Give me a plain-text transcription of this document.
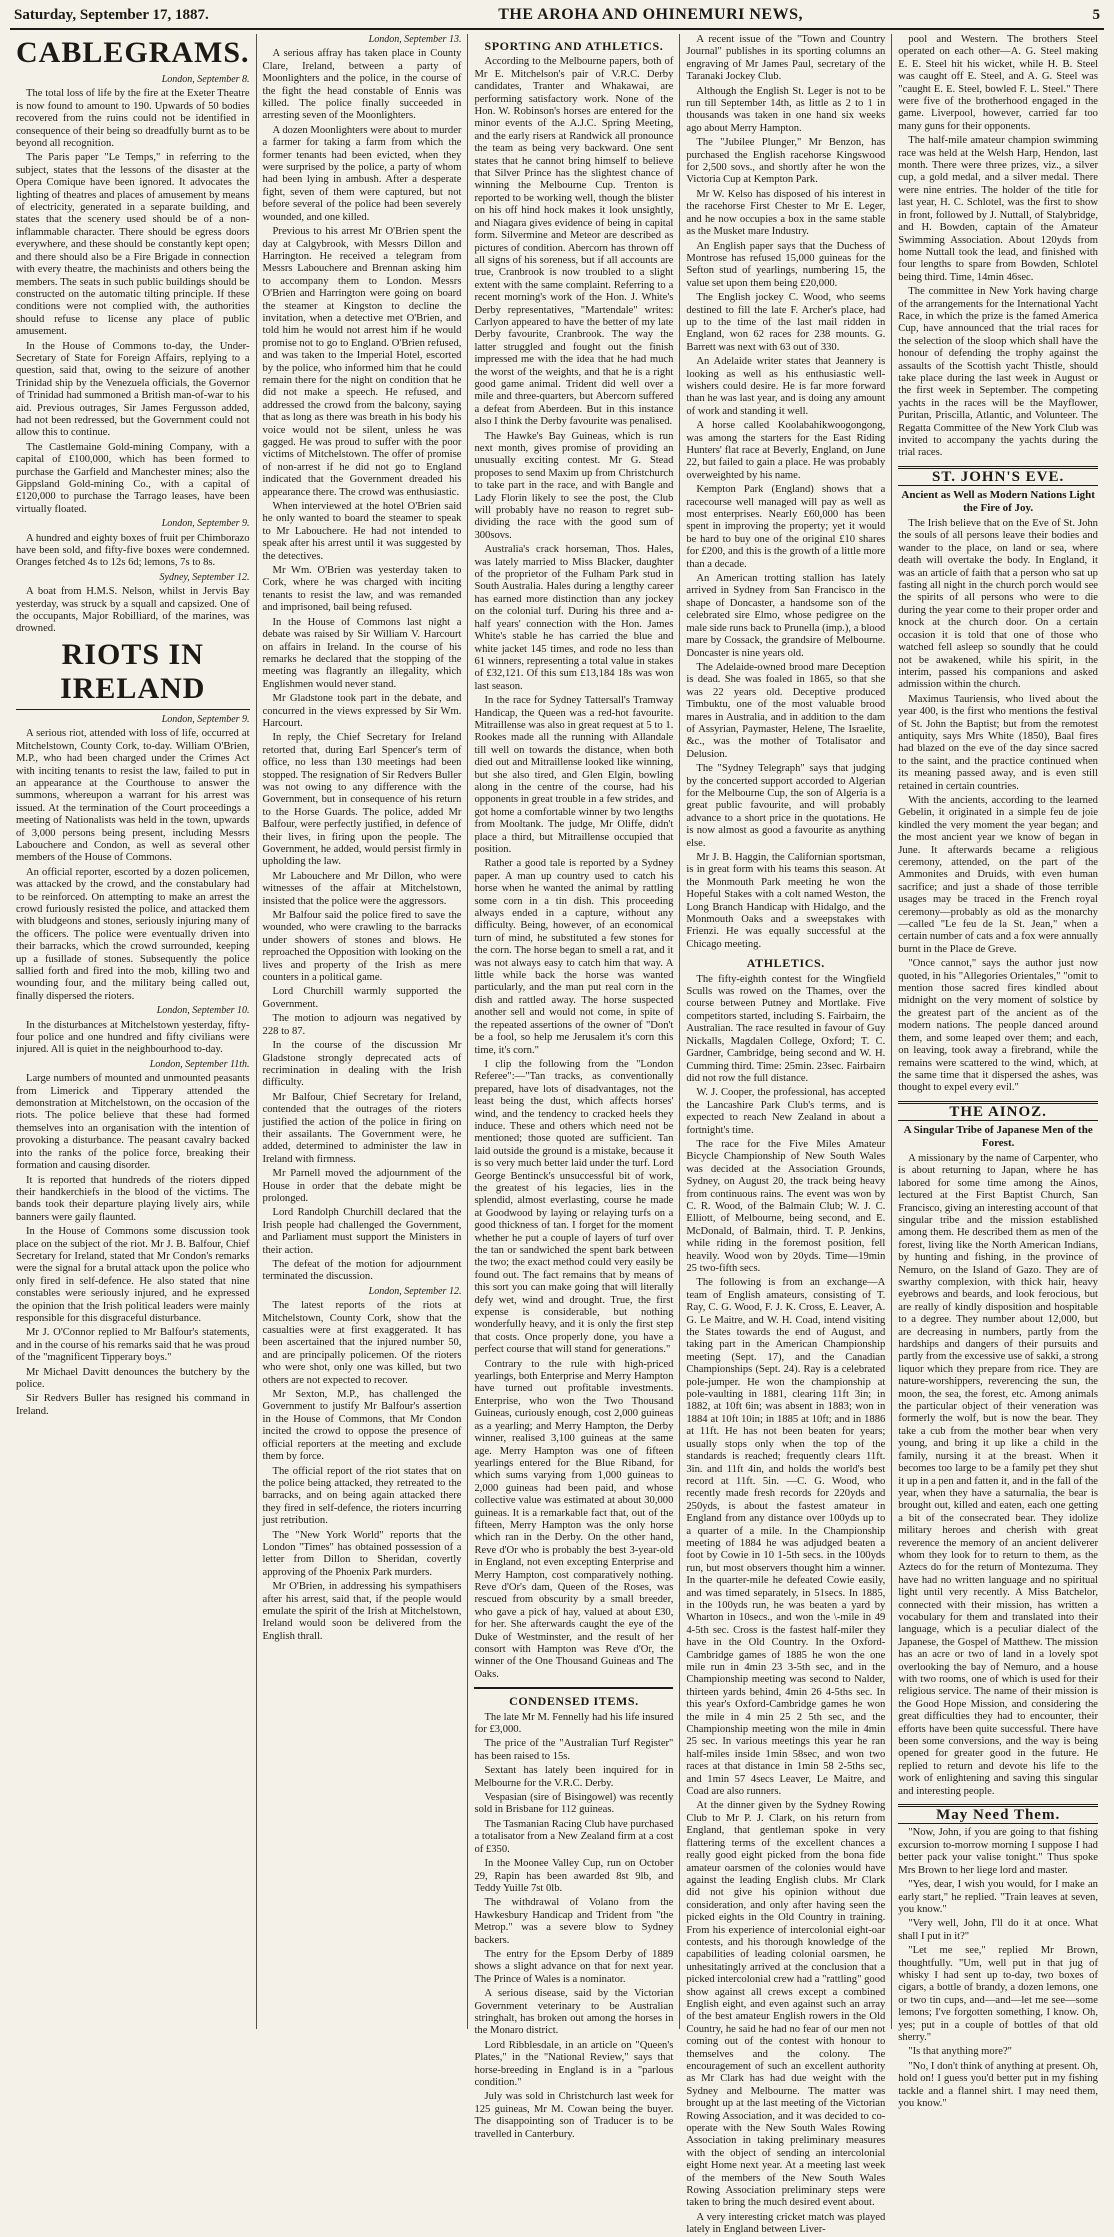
Saturday, September 17, 1887.	THE AROHA AND OHINEMURI NEWS,	5
CABLEGRAMS.

London, September 8.

The total loss of life by the fire at the Exeter Theatre is now found to amount to 190. Upwards of 50 bodies recovered from the ruins could not be identified in consequence of their being so dreadfully burnt as to be beyond all recognition.

The Paris paper "Le Temps," in referring to the subject, states that the lessons of the disaster at the Opera Comique have been ignored. It advocates the lighting of theatres and places of amusement by means of electricity, generated in a separate building, and states that the scenery used should be of a non-inflammable character. There should be egress doors everywhere, and these should be constantly kept open; and there should also be a Fire Brigade in connection with every theatre, the machinists and others being the members. The seats in such public buildings should be constructed on the automatic tilting principle. If these conditions were not complied with, the authorities should refuse to license any place of public amusement.

In the House of Commons to-day, the Under-Secretary of State for Foreign Affairs, replying to a question, said that, owing to the seizure of another Trinidad ship by the Venezuela officials, the Governor of Trinidad had summoned a British man-of-war to his aid. Previous outrages, Sir James Fergusson added, had not been redressed, but the Government could not allow this to continue.

The Castlemaine Gold-mining Company, with a capital of £100,000, which has been formed to purchase the Garfield and Manchester mines; also the Gippsland Gold-mining Co., with a capital of £120,000 to purchase the Tarrago leases, have been virtually floated.

London, September 9.

A hundred and eighty boxes of fruit per Chimborazo have been sold, and fifty-five boxes were condemned. Oranges fetched 4s to 12s 6d; lemons, 7s to 8s.

Sydney, September 12.

A boat from H.M.S. Nelson, whilst in Jervis Bay yesterday, was struck by a squall and capsized. One of the occupants, Major Robilliard, of the marines, was drowned.

RIOTS IN IRELAND

London, September 9.

A serious riot, attended with loss of life, occurred at Mitchelstown, County Cork, to-day. William O'Brien, M.P., who had been charged under the Crimes Act with inciting tenants to resist the law, failed to put in an appearance at the Courthouse to answer the summons, whereupon a warrant for his arrest was issued. At the termination of the Court proceedings a meeting of Nationalists was held in the town, upwards of 3,000 persons being present, including Messrs Labouchere and Condon, as well as several other members of the House of Commons.

An official reporter, escorted by a dozen policemen, was attacked by the crowd, and the constabulary had to be reinforced. On attempting to make an arrest the crowd furiously resisted the police, and attacked them with bludgeons and stones, seriously injuring many of the officers. The police were eventually driven into their barracks, which the crowd surrounded, keeping up a fusillade of stones. Subsequently the police sallied forth and fired into the mob, killing two and wounding four, and the military being called out, finally dispersed the rioters.

London, September 10.

In the disturbances at Mitchelstown yesterday, fifty-four police and one hundred and fifty civilians were injured. All is quiet in the neighbourhood to-day.

London, September 11th.

Large numbers of mounted and unmounted peasants from Limerick and Tipperary attended the demonstration at Mitchelstown, on the occasion of the riots. The police believe that these had formed themselves into an organisation with the intention of provoking a disturbance. The peasant cavalry backed into the ranks of the police force, breaking their formation and causing disorder.

It is reported that hundreds of the rioters dipped their handkerchiefs in the blood of the victims. The bands took their departure playing lively airs, while banners were gaily flaunted.

In the House of Commons some discussion took place on the subject of the riot. Mr J. B. Balfour, Chief Secretary for Ireland, stated that Mr Condon's remarks were the signal for a brutal attack upon the police who only fired in self-defence. He also stated that nine constables were seriously injured, and he expressed the opinion that the Irish political leaders were mainly responsible for this disgraceful disturbance.

Mr J. O'Connor replied to Mr Balfour's statements, and in the course of his remarks said that he was proud of the "magnificent Tipperary boys."

Mr Michael Davitt denounces the butchery by the police.

Sir Redvers Buller has resigned his command in Ireland.

London, September 13.

A serious affray has taken place in County Clare, Ireland, between a party of Moonlighters and the police, in the course of the fight the head constable of Ennis was killed. The police finally succeeded in arresting seven of the Moonlighters.

A dozen Moonlighters were about to murder a farmer for taking a farm from which the former tenants had been evicted, when they were surprised by the police, a party of whom had been lying in ambush. After a desperate fight, seven of them were captured, but not before several of the police had been severely wounded, and one killed.

Previous to his arrest Mr O'Brien spent the day at Calgybrook, with Messrs Dillon and Harrington. He received a telegram from Messrs Labouchere and Brennan asking him to accompany them to London. Messrs O'Brien and Harrington were going on board the steamer at Kingston to decline the invitation, when a detective met O'Brien, and told him he would not arrest him if he would promise not to go to England. O'Brien refused, and was taken to the Imperial Hotel, escorted by the police, who informed him that he could remain there for the night on condition that he did not make a speech. He refused, and addressed the crowd from the balcony, saying that as long as there was breath in his body his voice would not be silent, unless he was gagged. He was proud to suffer with the poor victims of Mitchelstown. The offer of promise of non-arrest if he did not go to England indicated that the Government dreaded his appearance there. The crowd was enthusiastic.

When interviewed at the hotel O'Brien said he only wanted to board the steamer to speak to Mr Labouchere. He had not intended to speak after his arrest until it was suggested by the detectives.

Mr Wm. O'Brien was yesterday taken to Cork, where he was charged with inciting tenants to resist the law, and was remanded and imprisoned, bail being refused.

In the House of Commons last night a debate was raised by Sir William V. Harcourt on affairs in Ireland. In the course of his remarks he declared that the stopping of the meeting was flagrantly an illegality, which Englishmen would never stand.

Mr Gladstone took part in the debate, and concurred in the views expressed by Sir Wm. Harcourt.

In reply, the Chief Secretary for Ireland retorted that, during Earl Spencer's term of office, no less than 130 meetings had been stopped. The resignation of Sir Redvers Buller was not owing to any difference with the Government, but in consequence of his return to the Horse Guards. The police, added Mr Balfour, were perfectly justified, in defence of their lives, in firing upon the people. The Government, he added, would persist firmly in upholding the law.

Mr Labouchere and Mr Dillon, who were witnesses of the affair at Mitchelstown, insisted that the police were the aggressors.

Mr Balfour said the police fired to save the wounded, who were crawling to the barracks under showers of stones and blows. He reproached the Opposition with looking on the lives and property of the Irish as mere counters in a political game.

Lord Churchill warmly supported the Government.

The motion to adjourn was negatived by 228 to 87.

In the course of the discussion Mr Gladstone strongly deprecated acts of recrimination in dealing with the Irish difficulty.

Mr Balfour, Chief Secretary for Ireland, contended that the outrages of the rioters justified the action of the police in firing on their assailants. The Government were, he added, determined to administer the law in Ireland with firmness.

Mr Parnell moved the adjournment of the House in order that the debate might be prolonged.

Lord Randolph Churchill declared that the Irish people had challenged the Government, and Parliament must support the Ministers in their action.

The defeat of the motion for adjournment terminated the discussion.

London, September 12.

The latest reports of the riots at Mitchelstown, County Cork, show that the casualties were at first exaggerated. It has been ascertained that the injured number 50, and are principally policemen. Of the rioters who were shot, only one was killed, but two others are not expected to recover.

Mr Sexton, M.P., has challenged the Government to justify Mr Balfour's assertion in the House of Commons, that Mr Condon incited the crowd to oppose the presence of official reporters at the meeting and exclude them by force.

The official report of the riot states that on the police being attacked, they retreated to the barracks, and on being again attacked there they fired in self-defence, the rioters incurring just retribution.

The "New York World" reports that the London "Times" has obtained possession of a letter from Dillon to Sheridan, covertly approving of the Phoenix Park murders.

Mr O'Brien, in addressing his sympathisers after his arrest, said that, if the people would emulate the spirit of the Irish at Mitchelstown, Ireland would soon be delivered from the English thrall.

SPORTING AND ATHLETICS.

According to the Melbourne papers, both of Mr E. Mitchelson's pair of V.R.C. Derby candidates, Tranter and Whakawai, are performing satisfactory work. None of the Hon. W. Robinson's horses are entered for the minor events of the A.J.C. Spring Meeting, and the early risers at Randwick all pronounce the team as being very backward. One sent states that he cannot bring himself to believe that Silver Prince has the slightest chance of winning the Melbourne Cup. Trenton is reported to be working well, though the blister on his off hind hock makes it look unsightly, and Niagara gives evidence of being in capital form. Silvermine and Meteor are described as pictures of condition. Abercorn has thrown off all signs of his soreness, but if all accounts are true, Cranbrook is now troubled to a slight extent with the same complaint. Referring to a recent morning's work of the Hon. J. White's Derby representatives, "Martendale" writes: Carlyon appeared to have the better of my late Derby favourite, Cranbrook. The way the latter struggled and fought out the finish impressed me with the idea that he had much the worst of the weights, and that he is a right good game animal. Trident did well over a mile and three-quarters, but Abercorn suffered a defeat from Aberdeen. But in this instance also I think the Derby favourite was penalised.

The Hawke's Bay Guineas, which is run next month, gives promise of providing an unusually exciting contest. Mr G. Stead proposes to send Maxim up from Christchurch to take part in the race, and with Bangle and Lady Florin likely to see the post, the Club will probably have no reason to regret sub-dividing the race with the good sum of 300sovs.

Australia's crack horseman, Thos. Hales, was lately married to Miss Blacker, daughter of the proprietor of the Fulham Park stud in South Australia. Hales during a lengthy career has earned more distinction than any jockey on the colonial turf. During his three and a-half years' connection with the Hon. James White's stable he has carried the blue and white jacket 145 times, and rode no less than 61 winners, representing a total value in stakes of £32,121. Of this sum £13,184 18s was won last season.

In the race for Sydney Tattersall's Tramway Handicap, the Queen was a red-hot favourite. Mitraillense was also in great request at 5 to 1. Rookes made all the running with Allandale till well on towards the distance, when both died out and Mitraillense looked like winning, but she also tired, and Glen Elgin, bowling along in the centre of the course, had his opponents in great trouble in a few strides, and got home a comfortable winner by two lengths from Mooltank. The judge, Mr Oliffe, didn't place a third, but Mitraillense occupied that position.

Rather a good tale is reported by a Sydney paper. A man up country used to catch his horse when he wanted the animal by rattling some corn in a tin dish. This proceeding always ended in a capture, without any difficulty. Being, however, of an economical turn of mind, he substituted a few stones for the corn. The horse began to smell a rat, and it was not always easy to catch him that way. A little while back the horse was wanted particularly, and the man put real corn in the dish and rattled away. The horse suspected another sell and would not come, in spite of the repeated assertions of the owner of "Don't be a fool, so help me Jerusalem it's corn this time, it's corn."

I clip the following from the "London Referee":—"Tan tracks, as conventionally prepared, have lots of disadvantages, not the least being the dust, which affects horses' wind, and the tendency to cracked heels they induce. These and others which need not be mentioned; those quoted are sufficient. Tan laid outside the ground is a mistake, because it is so very much better laid under the turf. Lord George Bentinck's unsuccessful bit of work, the greatest of his legacies, lies in the splendid, almost everlasting, course he made at Goodwood by laying or relaying turfs on a good thickness of tan. I forget for the moment whether he put a couple of layers of turf over the tan or sandwiched the spent bark between the two; the exact method could very easily be found out. The fact remains that by means of this sort you can make going that will literally defy wet, wind and drought. True, the first expense is considerable, but nothing wonderfully heavy, and it is only the first step that costs. Once properly done, you have a perfect course that will stand for generations."

Contrary to the rule with high-priced yearlings, both Enterprise and Merry Hampton have turned out profitable investments. Enterprise, who won the Two Thousand Guineas, curiously enough, cost 2,000 guineas as a yearling; and Merry Hampton, the Derby winner, realised 3,100 guineas at the same age. Merry Hampton was one of fifteen yearlings entered for the Blue Riband, for which sums varying from 1,000 guineas to 2,000 guineas had been paid, and whose collective value was estimated at about 30,000 guineas. It is a remarkable fact that, out of the fifteen, Merry Hampton was the only horse which ran in the Derby. On the other hand, Reve d'Or who is probably the best 3-year-old in England, not even excepting Enterprise and Merry Hampton, cost comparatively nothing. Reve d'Or's dam, Queen of the Roses, was rescued from obscurity by a small breeder, who gave a pick of hay, valued at about £30, for her. She afterwards caught the eye of the Duke of Westminster, and the result of her consort with Hampton was Reve d'Or, the winner of the One Thousand Guineas and The Oaks.

CONDENSED ITEMS.

The late Mr M. Fennelly had his life insured for £3,000.

The price of the "Australian Turf Register" has been raised to 15s.

Sextant has lately been inquired for in Melbourne for the V.R.C. Derby.

Vespasian (sire of Bisingowel) was recently sold in Brisbane for 112 guineas.

The Tasmanian Racing Club have purchased a totalisator from a New Zealand firm at a cost of £350.

In the Moonee Valley Cup, run on October 29, Rapin has been awarded 8st 9lb, and Teddy Yuille 7st 0lb.

The withdrawal of Volano from the Hawkesbury Handicap and Trident from "the Metrop." was a severe blow to Sydney backers.

The entry for the Epsom Derby of 1889 shows a slight advance on that for next year. The Prince of Wales is a nominator.

A serious disease, said by the Victorian Government veterinary to be Australian stringhalt, has broken out among the horses in the Monaro district.

Lord Ribblesdale, in an article on "Queen's Plates," in the "National Review," says that horse-breeding in England is in a "parlous condition."

July was sold in Christchurch last week for 125 guineas, Mr M. Cowan being the buyer. The disappointing son of Traducer is to be travelled in Canterbury.

A recent issue of the "Town and Country Journal" publishes in its sporting columns an engraving of Mr James Paul, secretary of the Taranaki Jockey Club.

Although the English St. Leger is not to be run till September 14th, as little as 2 to 1 in thousands was taken in one hand six weeks ago about Merry Hampton.

The "Jubilee Plunger," Mr Benzon, has purchased the English racehorse Kingswood for 2,500 sovs., and shortly after he won the Victoria Cup at Kempton Park.

Mr W. Kelso has disposed of his interest in the racehorse First Chester to Mr E. Leger, and he now occupies a box in the same stable as the Musket mare Industry.

An English paper says that the Duchess of Montrose has refused 15,000 guineas for the Sefton stud of yearlings, numbering 15, the value set upon them being £20,000.

The English jockey C. Wood, who seems destined to fill the late F. Archer's place, had up to the time of the last mail ridden in England, won 62 races for 238 mounts. G. Barrett was next with 63 out of 330.

An Adelaide writer states that Jeannery is looking as well as his enthusiastic well-wishers could desire. He is far more forward than he was last year, and is doing any amount of work and standing it well.

A horse called Koolabahikwoogongong, was among the starters for the East Riding Hunters' flat race at Beverly, England, on June 22, but failed to gain a place. He was probably overweighted by his name.

Kempton Park (England) shows that a racecourse well managed will pay as well as most enterprises. Nearly £60,000 has been spent in improving the property; yet it would be hard to buy one of the original £10 shares for £200, and this is the growth of a little more than a decade.

An American trotting stallion has lately arrived in Sydney from San Francisco in the shape of Doncaster, a handsome son of the celebrated sire Elmo, whose pedigree on the male side runs back to Prunella (imp.), a blood mare by Cossack, the grandsire of Melbourne. Doncaster is nine years old.

The Adelaide-owned brood mare Deception is dead. She was foaled in 1865, so that she was 22 years old. Deceptive produced Timbuktu, one of the most valuable brood mares in Australia, and in addition to the dam of Assyrian, Paymaster, Helene, The Israelite, &c., was the mother of Totalisator and Delusion.

The "Sydney Telegraph" says that judging by the concerted support accorded to Algerian for the Melbourne Cup, the son of Algeria is a great public favourite, and will probably advance to a short price in the quotations. He is now almost as good a favourite as anything else.

Mr J. B. Haggin, the Californian sportsman, is in great form with his teams this season. At the Monmouth Park meeting he won the Hopeful Stakes with a colt named Weston, the Long Branch Handicap with Hidalgo, and the Monmouth Oaks and a sweepstakes with Frienzi. He was equally successful at the Chicago meeting.

ATHLETICS.

The fifty-eighth contest for the Wingfield Sculls was rowed on the Thames, over the course between Putney and Mortlake. Five competitors started, including S. Fairbairn, the Australian. The race resulted in favour of Guy Nickalls, Magdalen College, Oxford; T. C. Gardner, Cambridge, being second and W. H. Cumming third. Time: 25min. 23sec. Fairbairn did not row the full distance.

W. J. Cooper, the professional, has accepted the Lancashire Park Club's terms, and is expected to reach New Zealand in about a fortnight's time.

The race for the Five Miles Amateur Bicycle Championship of New South Wales was decided at the Association Grounds, Sydney, on August 20, the track being heavy from continuous rains. The event was won by C. R. Wood, of the Balmain Club; W. J. C. Elliott, of Melbourne, being second, and E. McDonald, of Balmain, third. T. P. Jenkins, while riding in the foremost position, fell heavily. Wood won by 20yds. Time—19min 25 two-fifth secs.

The following is from an exchange—A team of English amateurs, consisting of T. Ray, C. G. Wood, F. J. K. Cross, E. Leaver, A. G. Le Maitre, and W. H. Coad, intend visiting the States towards the end of August, and taking part in the American Championship meeting (Sept. 17), and the Canadian Championships (Sept. 24). Ray is a celebrated pole-jumper. He won the championship at pole-vaulting in 1881, clearing 11ft 3in; in 1882, at 10ft 6in; was absent in 1883; won in 1884 at 10ft 10in; in 1885 at 10ft; and in 1886 at 11ft. He has not been beaten for years; usually stops only when the top of the standards is reached; frequently clears 11ft. 3in. and 11ft 4in, and holds the world's best record at 11ft. 5in. —C. G. Wood, who recently made fresh records for 220yds and 250yds, is about the fastest amateur in England from any distance over 100yds up to a quarter of a mile. In the Championship meeting of 1884 he was adjudged beaten a foot by Cowie in 10 1-5th secs. in the 100yds run, but most observers thought him a winner. In the quarter-mile he defeated Cowie easily, and was timed separately, in 51secs. In 1885, in the 100yds run, he was beaten a yard by Wharton in 10secs., and won the \-mile in 49 4-5th sec. Cross is the fastest half-miler they have in the Old Country. In the Oxford-Cambridge games of 1885 he won the one mile run in 4min 23 3-5th sec, and in the Championship meeting was second to Nalder, thirteen yards behind, 4min 26 4-5ths sec. In this year's Oxford-Cambridge games he won the mile in 4 min 25 2 5th sec, and the Championship meeting won the mile in 4min 25 sec. In various meetings this year he ran half-miles inside 1min 58sec, and won two races at that distance in 1min 58 2-5ths sec, and 1min 57 4secs Leaver, Le Maitre, and Coad are also runners.

At the dinner given by the Sydney Rowing Club to Mr P. J. Clark, on his return from England, that gentleman spoke in very flattering terms of the excellent chances a really good eight picked from the bona fide amateur oarsmen of the colonies would have against the leading English clubs. Mr Clark did not give his opinion without due consideration, and only after having seen the picked eights in the Old Country in training. From his experience of intercolonial eight-oar contests, and his thorough knowledge of the capabilities of leading colonial oarsmen, he unhesitatingly arrived at the conclusion that a picked intercolonial crew had a "rattling" good show against all crews except a combined English eight, and even against such an array of the best amateur English rowers in the Old Country, he said he had no fear of our men not coming out of the contest with honour to themselves and the colony. The encouragement of such an excellent authority as Mr Clark has had due weight with the Sydney and Melbourne. The matter was brought up at the last meeting of the Victorian Rowing Association, and it was decided to co-operate with the New South Wales Rowing Association in taking preliminary measures with the object of sending an intercolonial eight Home next year. At a meeting last week of the members of the New South Wales Rowing Association preliminary steps were taken to bring the much desired event about.

A very interesting cricket match was played lately in England between Liver-

pool and Western. The brothers Steel operated on each other—A. G. Steel making E. E. Steel hit his wicket, while H. B. Steel was caught off E. Steel, and A. G. Steel was "caught E. E. Steel, bowled F. L. Steel." There were five of the brotherhood engaged in the game. Liverpool, however, carried far too many guns for their opponents.

The half-mile amateur champion swimming race was held at the Welsh Harp, Hendon, last month. There were three prizes, viz., a silver cup, a gold medal, and a silver medal. There were nine entries. The holder of the title for last year, H. C. Schlotel, was the first to show in front, followed by J. Nuttall, of Stalybridge, and H. Bowden, captain of the Amateur Swimming Association. About 120yds from home Nuttall took the lead, and finished with four lengths to spare from Bowden, Schlotel being third. Time, 14min 46sec.

The committee in New York having charge of the arrangements for the International Yacht Race, in which the prize is the famed America Cup, have announced that the trial races for the selection of the sloop which shall have the honour of defending the trophy against the assaults of the Scottish yacht Thistle, should take place during the last week in August or the first week in September. The competing yachts in the races will be the Mayflower, Puritan, Priscilla, Atlantic, and Volunteer. The Regatta Committee of the New York Club was invited to accompany the yachts during the trial races.

ST. JOHN'S EVE.
Ancient as Well as Modern Nations Light the Fire of Joy.

The Irish believe that on the Eve of St. John the souls of all persons leave their bodies and wander to the place, on land or sea, where death will overtake the body. In England, it was an article of faith that a person who sat up fasting all night in the church porch would see the spirits of all persons who were to die during the year come to their proper order and knock at the church door. On a certain occasion it is told that one of those who watched fell asleep so soundly that he could not be awakened, while his spirit, in the interim, passed his companions and asked admission within the church.

Maximus Tauriensis, who lived about the year 400, is the first who mentions the festival of St. John the Baptist; but from the remotest antiquity, says Mrs White (1850), Baal fires had blazed on the eve of the day since sacred to the saint, and the practice continued when its meaning passed away, and is even still retained in certain countries.

With the ancients, according to the learned Gebelin, it originated in a simple feu de joie kindled the very moment the year began; and the most ancient year we know of began in June. It afterwards became a religious ceremony, attended, on the part of the Ammonites and Druids, with even human sacrifice; and just a shade of those terrible usages may be traced in the French royal ceremony—probably as old as the monarchy—called "Le feu de la St. Jean," when a certain number of cats and a fox were annually burnt in the Place de Greve.

"Once cannot," says the author just now quoted, in his "Allegories Orientales," "omit to mention those sacred fires kindled about midnight on the very moment of solstice by the greatest part of the ancient as of the modern nations. The people danced around them, and some leaped over them; and each, on leaving, took away a firebrand, while the remains were scattered to the wind, which, at the same time that it dispersed the ashes, was thought to expel every evil."

THE AINOZ.
A Singular Tribe of Japanese Men of the Forest.

A missionary by the name of Carpenter, who is about returning to Japan, where he has labored for some time among the Ainos, lectured at the First Baptist Church, San Francisco, giving an interesting account of that singular tribe and the mission established among them. He described them as men of the forest, living like the North American Indians, by hunting and fishing, in the province of Nemuro, on the Island of Gazo. They are of swarthy complexion, with thick hair, heavy eyebrows and beards, and look ferocious, but are really of kindly disposition and hospitable to a degree. They number about 12,000, but are decreasing in numbers, partly from the hardships and dangers of their pursuits and partly from the excessive use of sakki, a strong liquor which they prepare from rice. They are nature-worshippers, reverencing the sun, the moon, the sea, the forest, etc. Among animals the particular object of their veneration was formerly the wolf, but is now the bear. They take a cub from the mother bear when very young, and bring it up like a child in the family, nursing it at the breast. When it becomes too large to be a family pet they shut it up in a pen and fatten it, and in the fall of the year, when they have a saturnalia, the bear is brought out, killed and eaten, each one getting a bit of the consecrated bear. They idolize military heroes and cherish with great reverence the memory of an ancient deliverer whom they look for to return to them, as the Aztecs do for the return of Montezuma. They have had no written language and no spiritual light until very recently. A Miss Batchelor, connected with their mission, has written a vocabulary for them and translated into their language, which is a peculiar dialect of the Japanese, the Gospel of Matthew. The mission has an acre or two of land in a lovely spot overlooking the bay of Nemuro, and a house with two rooms, one of which is used for their religious service. The name of their mission is the Good Hope Mission, and considering the great difficulties they had to encounter, their efforts have been quite successful. There have been some conversions, and the way is being opened for greater good in the future. He replied to return and devote his life to the work of enlightening and saving this singular and interesting people.

May Need Them.

"Now, John, if you are going to that fishing excursion to-morrow morning I suppose I had better pack your valise tonight." Thus spoke Mrs Brown to her liege lord and master.

"Yes, dear, I wish you would, for I make an early start," he replied. "Train leaves at seven, you know."

"Very well, John, I'll do it at once. What shall I put in it?"

"Let me see," replied Mr Brown, thoughtfully. "Um, well put in that jug of whisky I had sent up to-day, two boxes of cigars, a bottle of brandy, a dozen lemons, one or two tin cups, and—and—let me see—some lemons; I've forgotten something, I know. Oh, yes; put in a couple of bottles of that old sherry."

"Is that anything more?"

"No, I don't think of anything at present. Oh, hold on! I guess you'd better put in my fishing tackle and a flannel shirt. I may need them, you know."
